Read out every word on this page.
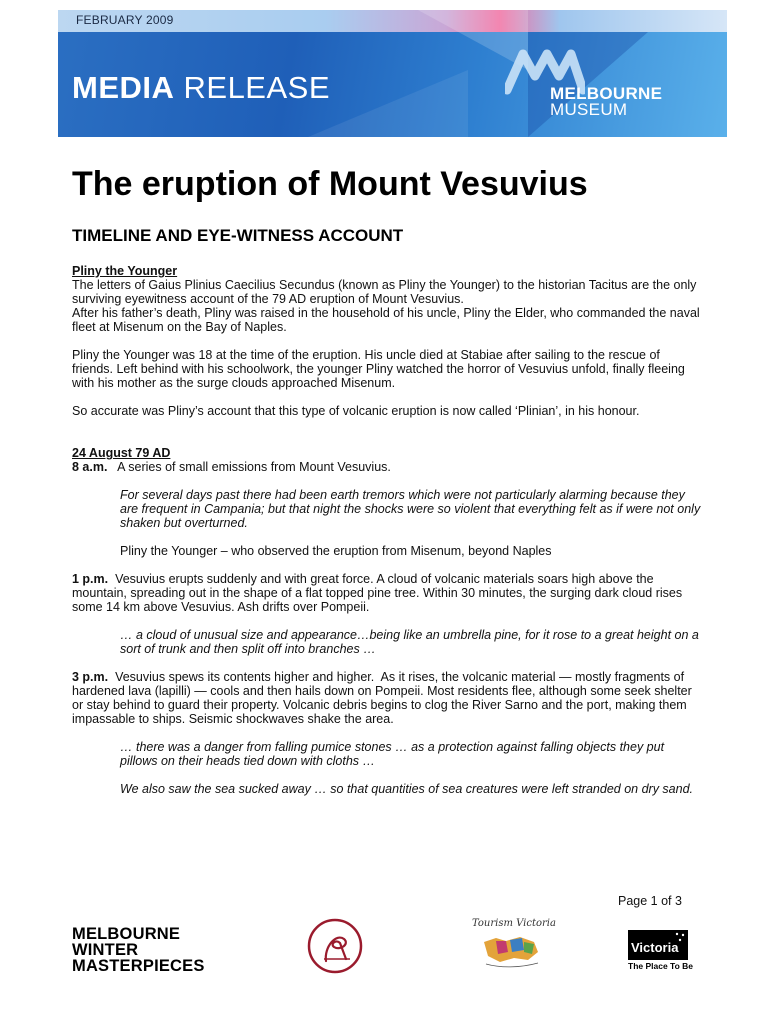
FEBRUARY 2009
MEDIA RELEASE	MELBOURNE
MUSEUM
The eruption of Mount Vesuvius
TIMELINE AND EYE-WITNESS ACCOUNT

Pliny the Younger

The letters of Gaius Plinius Caecilius Secundus (known as Pliny the Younger) to the historian Tacitus are the only surviving eyewitness account of the 79 AD eruption of Mount Vesuvius.

After his father’s death, Pliny was raised in the household of his uncle, Pliny the Elder, who commanded the naval fleet at Misenum on the Bay of Naples.

Pliny the Younger was 18 at the time of the eruption. His uncle died at Stabiae after sailing to the rescue of friends. Left behind with his schoolwork, the younger Pliny watched the horror of Vesuvius unfold, finally fleeing with his mother as the surge clouds approached Misenum.

So accurate was Pliny’s account that this type of volcanic eruption is now called ‘Plinian’, in his honour.

24 August 79 AD

8 a.m.   A series of small emissions from Mount Vesuvius.

For several days past there had been earth tremors which were not particularly alarming because they are frequent in Campania; but that night the shocks were so violent that everything felt as if were not only shaken but overturned.

Pliny the Younger – who observed the eruption from Misenum, beyond Naples

1 p.m.  Vesuvius erupts suddenly and with great force. A cloud of volcanic materials soars high above the mountain, spreading out in the shape of a flat topped pine tree. Within 30 minutes, the surging dark cloud rises some 14 km above Vesuvius. Ash drifts over Pompeii.

… a cloud of unusual size and appearance…being like an umbrella pine, for it rose to a great height on a sort of trunk and then split off into branches …

3 p.m.  Vesuvius spews its contents higher and higher.  As it rises, the volcanic material — mostly fragments of hardened lava (lapilli) — cools and then hails down on Pompeii. Most residents flee, although some seek shelter or stay behind to guard their property. Volcanic debris begins to clog the River Sarno and the port, making them impassable to ships. Seismic shockwaves shake the area.

… there was a danger from falling pumice stones … as a protection against falling objects they put pillows on their heads tied down with cloths …

We also saw the sea sucked away … so that quantities of sea creatures were left stranded on dry sand.

Page 1 of 3
MELBOURNE
WINTER
MASTERPIECES
Tourism Victoria
Victoria
The Place To Be
